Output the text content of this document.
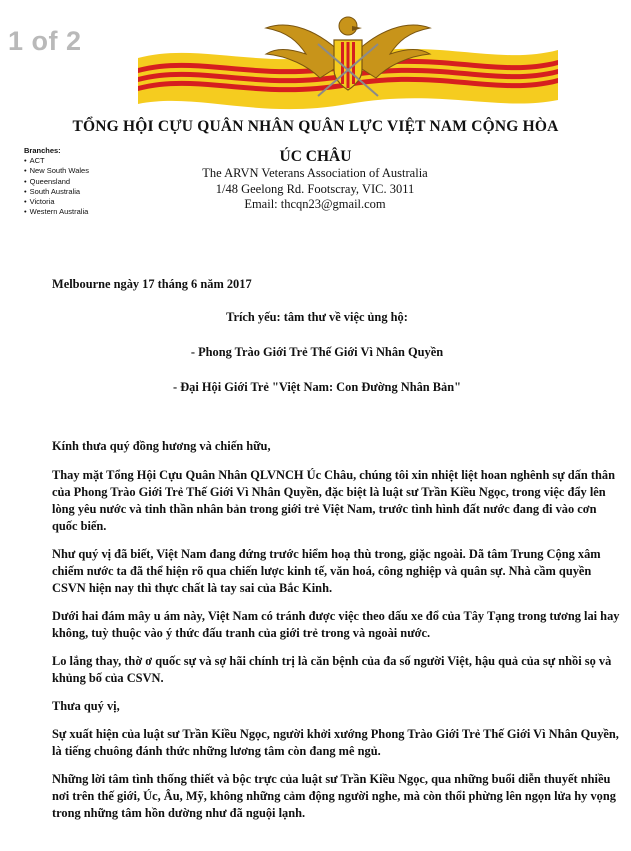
1 of 2
TỔNG HỘI CỰU QUÂN NHÂN QUÂN LỰC VIỆT NAM CỘNG HÒA
ÚC CHÂU
The ARVN Veterans Association of Australia
1/48 Geelong Rd. Footscray, VIC. 3011
Email: thcqn23@gmail.com
Branches:
• ACT
• New South Wales
• Queensland
• South Australia
• Victoria
• Western Australia
Melbourne ngày 17 tháng 6 năm 2017
Trích yếu: tâm thư về việc ủng hộ:
- Phong Trào Giới Trẻ Thế Giới Vì Nhân Quyền
- Đại Hội Giới Trẻ "Việt Nam: Con Đường Nhân Bản"
Kính thưa quý đồng hương và chiến hữu,

Thay mặt Tổng Hội Cựu Quân Nhân QLVNCH Úc Châu, chúng tôi xin nhiệt liệt hoan nghênh sự dấn thân của Phong Trào Giới Trẻ Thế Giới Vì Nhân Quyền, đặc biệt là luật sư Trần Kiều Ngọc, trong việc đẩy lên lòng yêu nước và tinh thần nhân bản trong giới trẻ Việt Nam, trước tình hình đất nước đang đi vào cơn quốc biến.

Như quý vị đã biết, Việt Nam đang đứng trước hiểm hoạ thù trong, giặc ngoài. Dã tâm Trung Cộng xâm chiếm nước ta đã thể hiện rõ qua chiến lược kinh tế, văn hoá, công nghiệp và quân sự. Nhà cầm quyền CSVN hiện nay thì thực chất là tay sai của Bắc Kinh.

Dưới hai đám mây u ám này, Việt Nam có tránh được việc theo dấu xe đổ của Tây Tạng trong tương lai hay không, tuỳ thuộc vào ý thức đấu tranh của giới trẻ trong và ngoài nước.

Lo lắng thay, thờ ơ quốc sự và sợ hãi chính trị là căn bệnh của đa số người Việt, hậu quả của sự nhồi sọ và khủng bố của CSVN.

Thưa quý vị,

Sự xuất hiện của luật sư Trần Kiều Ngọc, người khởi xướng Phong Trào Giới Trẻ Thế Giới Vì Nhân Quyền, là tiếng chuông đánh thức những lương tâm còn đang mê ngủ.

Những lời tâm tình thống thiết và bộc trực của luật sư Trần Kiều Ngọc, qua những buổi diễn thuyết nhiều nơi trên thế giới, Úc, Âu, Mỹ, không những cảm động người nghe, mà còn thổi phừng lên ngọn lửa hy vọng trong những tâm hồn dường như đã nguội lạnh.
